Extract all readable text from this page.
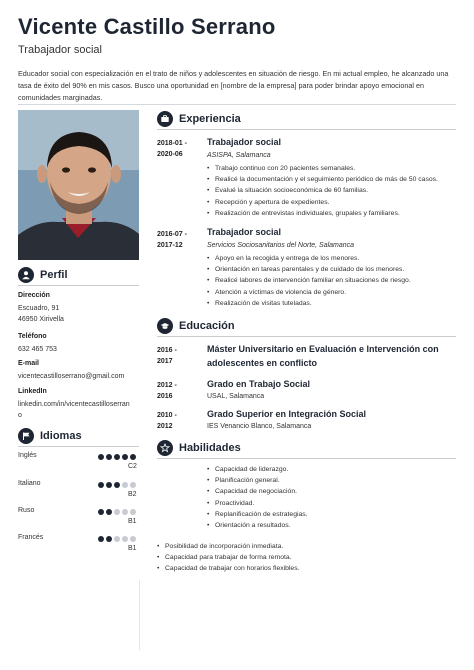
Vicente Castillo Serrano
Trabajador social
Educador social con especialización en el trato de niños y adolescentes en situación de riesgo. En mi actual empleo, he alcanzado una tasa de éxito del 90% en mis casos. Busco una oportunidad en [nombre de la empresa] para poder brindar apoyo emocional en comunidades marginadas.
Perfil
Dirección
Escuadro, 91
46950 Xirivella
Teléfono
632 465 753
E-mail
vicentecastilloserrano@gmail.com
LinkedIn
linkedin.com/in/vicentecastilloserran
o
Idiomas
Inglés
C2
Italiano
B2
Ruso
B1
Francés
B1
Experiencia
2018-01 -
2020-06
Trabajador social
ASISPA, Salamanca
• Trabajo continuo con 20 pacientes semanales.
• Realicé la documentación y el seguimiento periódico de más de 50 casos.
• Evalué la situación socioeconómica de 60 familias.
• Recepción y apertura de expedientes.
• Realización de entrevistas individuales, grupales y familiares.
2016-07 -
2017-12
Trabajador social
Servicios Sociosanitarios del Norte, Salamanca
• Apoyo en la recogida y entrega de los menores.
• Orientación en tareas parentales y de cuidado de los menores.
• Realicé labores de intervención familiar en situaciones de riesgo.
• Atención a víctimas de violencia de género.
• Realización de visitas tuteladas.
Educación
2016 -
2017
Máster Universitario en Evaluación e Intervención con
adolescentes en conflicto
2012 -
2016
Grado en Trabajo Social
USAL, Salamanca
2010 -
2012
Grado Superior en Integración Social
IES Venancio Blanco, Salamanca
Habilidades
• Capacidad de liderazgo.
• Planificación general.
• Capacidad de negociación.
• Proactividad.
• Replanificación de estrategias.
• Orientación a resultados.
• Posibilidad de incorporación inmediata.
• Capacidad para trabajar de forma remota.
• Capacidad de trabajar con horarios flexibles.
